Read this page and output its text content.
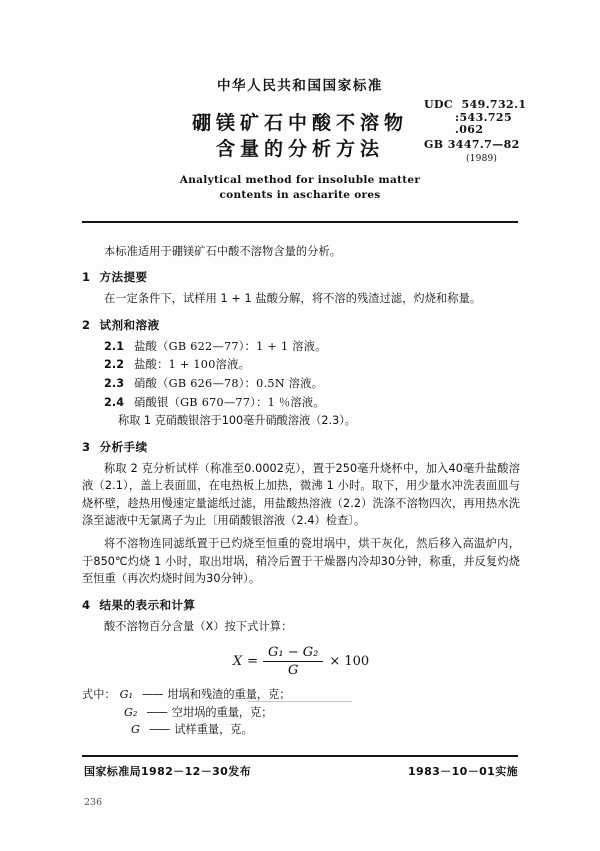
中华人民共和国国家标准

硼镁矿石中酸不溶物

含量的分析方法

Analytical method for insoluble matter

contents in ascharite ores

UDC  549.732.1
:543.725
.062
GB 3447.7—82
(1989)

本标准适用于硼镁矿石中酸不溶物含量的分析。

1 方法提要

在一定条件下，试样用 1 + 1 盐酸分解，将不溶的残渣过滤，灼烧和称量。

2 试剂和溶液

2.1 盐酸（GB 622—77）：1 + 1 溶液。

2.2 盐酸：1 + 100溶液。

2.3 硝酸（GB 626—78）：0.5N 溶液。

2.4 硝酸银（GB 670—77）：1 ％溶液。

称取 1 克硝酸银溶于100毫升硝酸溶液（2.3）。

3 分析手续

称取 2 克分析试样（称准至0.0002克），置于250毫升烧杯中，加入40毫升盐酸溶液（2.1），盖上表面皿，在电热板上加热，微沸 1 小时。取下，用少量水冲洗表面皿与烧杯壁，趁热用慢速定量滤纸过滤，用盐酸热溶液（2.2）洗涤不溶物四次，再用热水洗涤至滤液中无氯离子为止〔用硝酸银溶液（2.4）检查〕。

将不溶物连同滤纸置于已灼烧至恒重的瓷坩埚中，烘干灰化，然后移入高温炉内，于850℃灼烧 1 小时，取出坩埚，稍冷后置于干燥器内冷却30分钟，称重，并反复灼烧至恒重（再次灼烧时间为30分钟）。

4 结果的表示和计算

酸不溶物百分含量（X）按下式计算：

$X = \frac{\text{G₁ − G₂}}{G} \times 100$
式中： G₁ —— 坩埚和残渣的重量，克；
G₂ —— 空坩埚的重量，克；
G —— 试样重量，克。
国家标准局1982－12－30发布	1983－10－01实施
236
